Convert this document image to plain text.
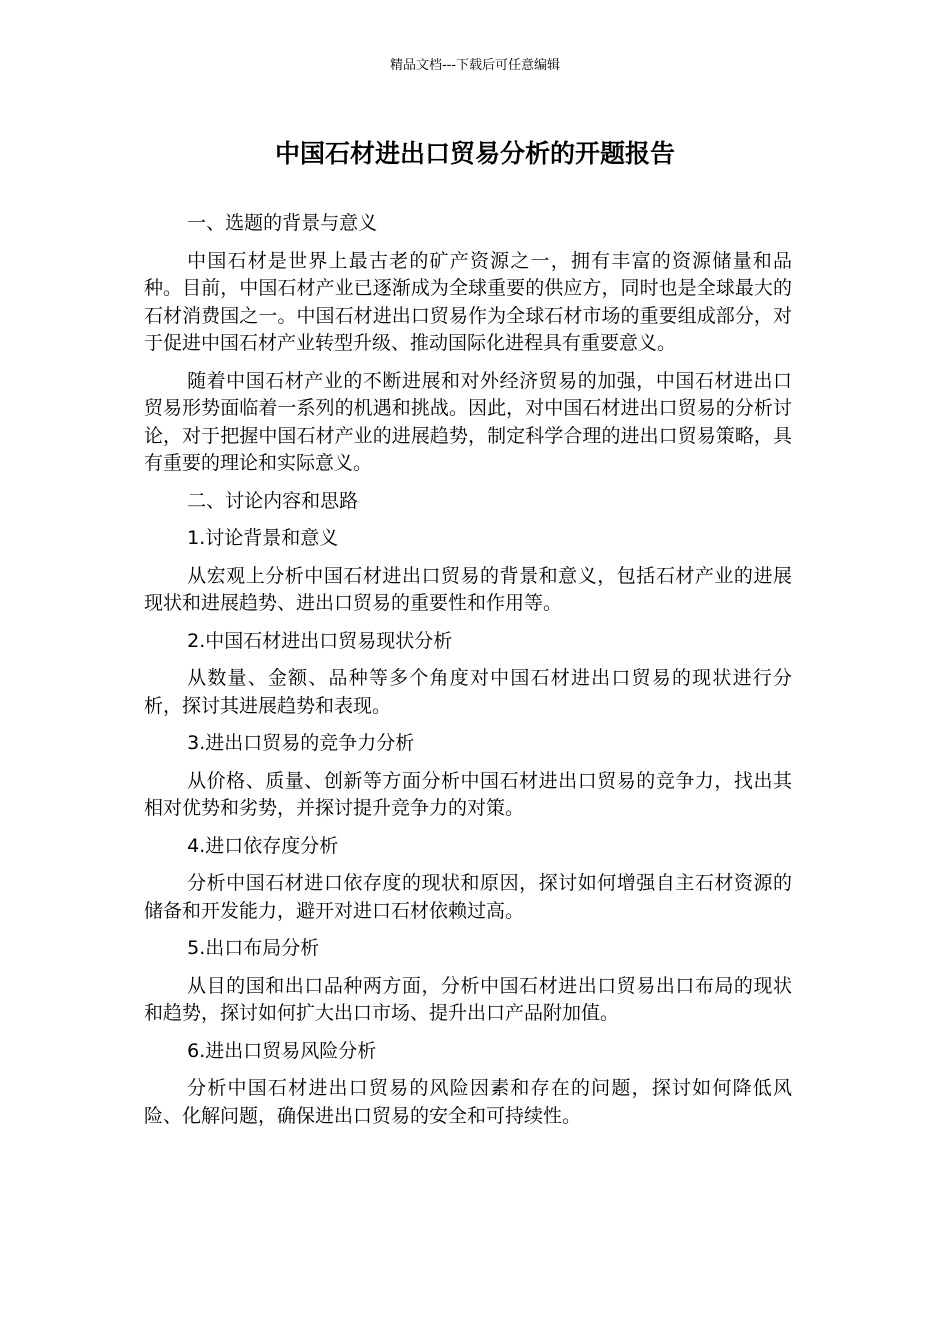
精品文档---下载后可任意编辑
中国石材进出口贸易分析的开题报告

一、选题的背景与意义

中国石材是世界上最古老的矿产资源之一，拥有丰富的资源储量和品种。目前，中国石材产业已逐渐成为全球重要的供应方，同时也是全球最大的石材消费国之一。中国石材进出口贸易作为全球石材市场的重要组成部分，对于促进中国石材产业转型升级、推动国际化进程具有重要意义。

随着中国石材产业的不断进展和对外经济贸易的加强，中国石材进出口贸易形势面临着一系列的机遇和挑战。因此，对中国石材进出口贸易的分析讨论，对于把握中国石材产业的进展趋势，制定科学合理的进出口贸易策略，具有重要的理论和实际意义。

二、讨论内容和思路

1.讨论背景和意义

从宏观上分析中国石材进出口贸易的背景和意义，包括石材产业的进展现状和进展趋势、进出口贸易的重要性和作用等。

2.中国石材进出口贸易现状分析

从数量、金额、品种等多个角度对中国石材进出口贸易的现状进行分析，探讨其进展趋势和表现。

3.进出口贸易的竞争力分析

从价格、质量、创新等方面分析中国石材进出口贸易的竞争力，找出其相对优势和劣势，并探讨提升竞争力的对策。

4.进口依存度分析

分析中国石材进口依存度的现状和原因，探讨如何增强自主石材资源的储备和开发能力，避开对进口石材依赖过高。

5.出口布局分析

从目的国和出口品种两方面，分析中国石材进出口贸易出口布局的现状和趋势，探讨如何扩大出口市场、提升出口产品附加值。

6.进出口贸易风险分析

分析中国石材进出口贸易的风险因素和存在的问题，探讨如何降低风险、化解问题，确保进出口贸易的安全和可持续性。
